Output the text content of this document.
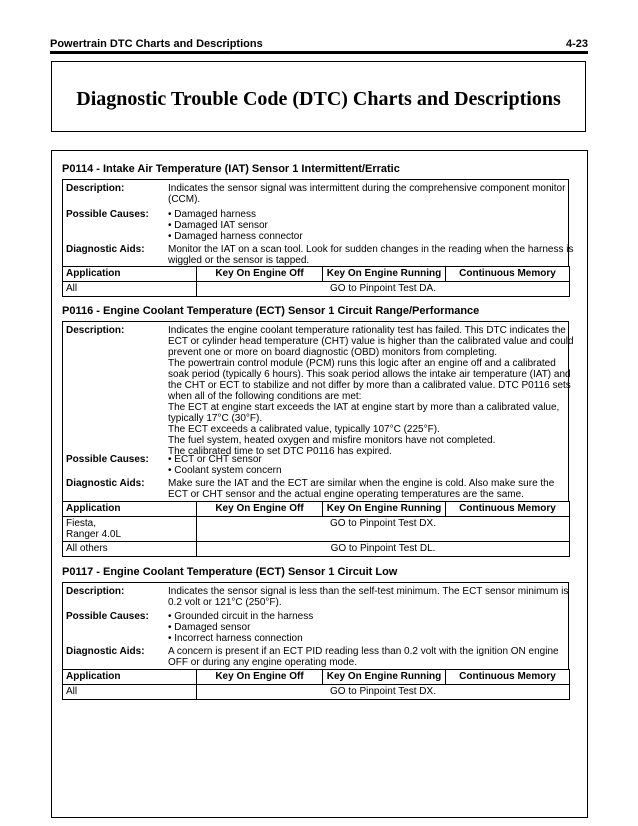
Powertrain DTC Charts and Descriptions	4-23
Diagnostic Trouble Code (DTC) Charts and Descriptions
P0114 - Intake Air Temperature (IAT) Sensor 1 Intermittent/Erratic
Description:	Indicates the sensor signal was intermittent during the comprehensive component monitor
(CCM).
Possible Causes: • Damaged harness
• Damaged IAT sensor
• Damaged harness connector
Diagnostic Aids: Monitor the IAT on a scan tool. Look for sudden changes in the reading when the harness is
wiggled or the sensor is tapped.
Application	Key On Engine Off	Key On Engine Running	Continuous Memory
All	GO to Pinpoint Test DA.		
P0116 - Engine Coolant Temperature (ECT) Sensor 1 Circuit Range/Performance
Description:	Indicates the engine coolant temperature rationality test has failed. This DTC indicates the
ECT or cylinder head temperature (CHT) value is higher than the calibrated value and could
prevent one or more on board diagnostic (OBD) monitors from completing.
The powertrain control module (PCM) runs this logic after an engine off and a calibrated
soak period (typically 6 hours). This soak period allows the intake air temperature (IAT) and
the CHT or ECT to stabilize and not differ by more than a calibrated value. DTC P0116 sets
when all of the following conditions are met:
The ECT at engine start exceeds the IAT at engine start by more than a calibrated value,
typically 17°C (30°F).
The ECT exceeds a calibrated value, typically 107°C (225°F).
The fuel system, heated oxygen and misfire monitors have not completed.
The calibrated time to set DTC P0116 has expired.
Possible Causes: • ECT or CHT sensor
• Coolant system concern
Diagnostic Aids: Make sure the IAT and the ECT are similar when the engine is cold. Also make sure the
ECT or CHT sensor and the actual engine operating temperatures are the same.
Application	Key On Engine Off	Key On Engine Running	Continuous Memory

Fiesta,
Ranger 4.0L	GO to Pinpoint Test DX.		
All others	GO to Pinpoint Test DL.		
P0117 - Engine Coolant Temperature (ECT) Sensor 1 Circuit Low
Description:	Indicates the sensor signal is less than the self-test minimum. The ECT sensor minimum is
0.2 volt or 121°C (250°F).
Possible Causes: • Grounded circuit in the harness
• Damaged sensor
• Incorrect harness connection
Diagnostic Aids: A concern is present if an ECT PID reading less than 0.2 volt with the ignition ON engine
OFF or during any engine operating mode.
Application	Key On Engine Off	Key On Engine Running	Continuous Memory
All	GO to Pinpoint Test DX.		
